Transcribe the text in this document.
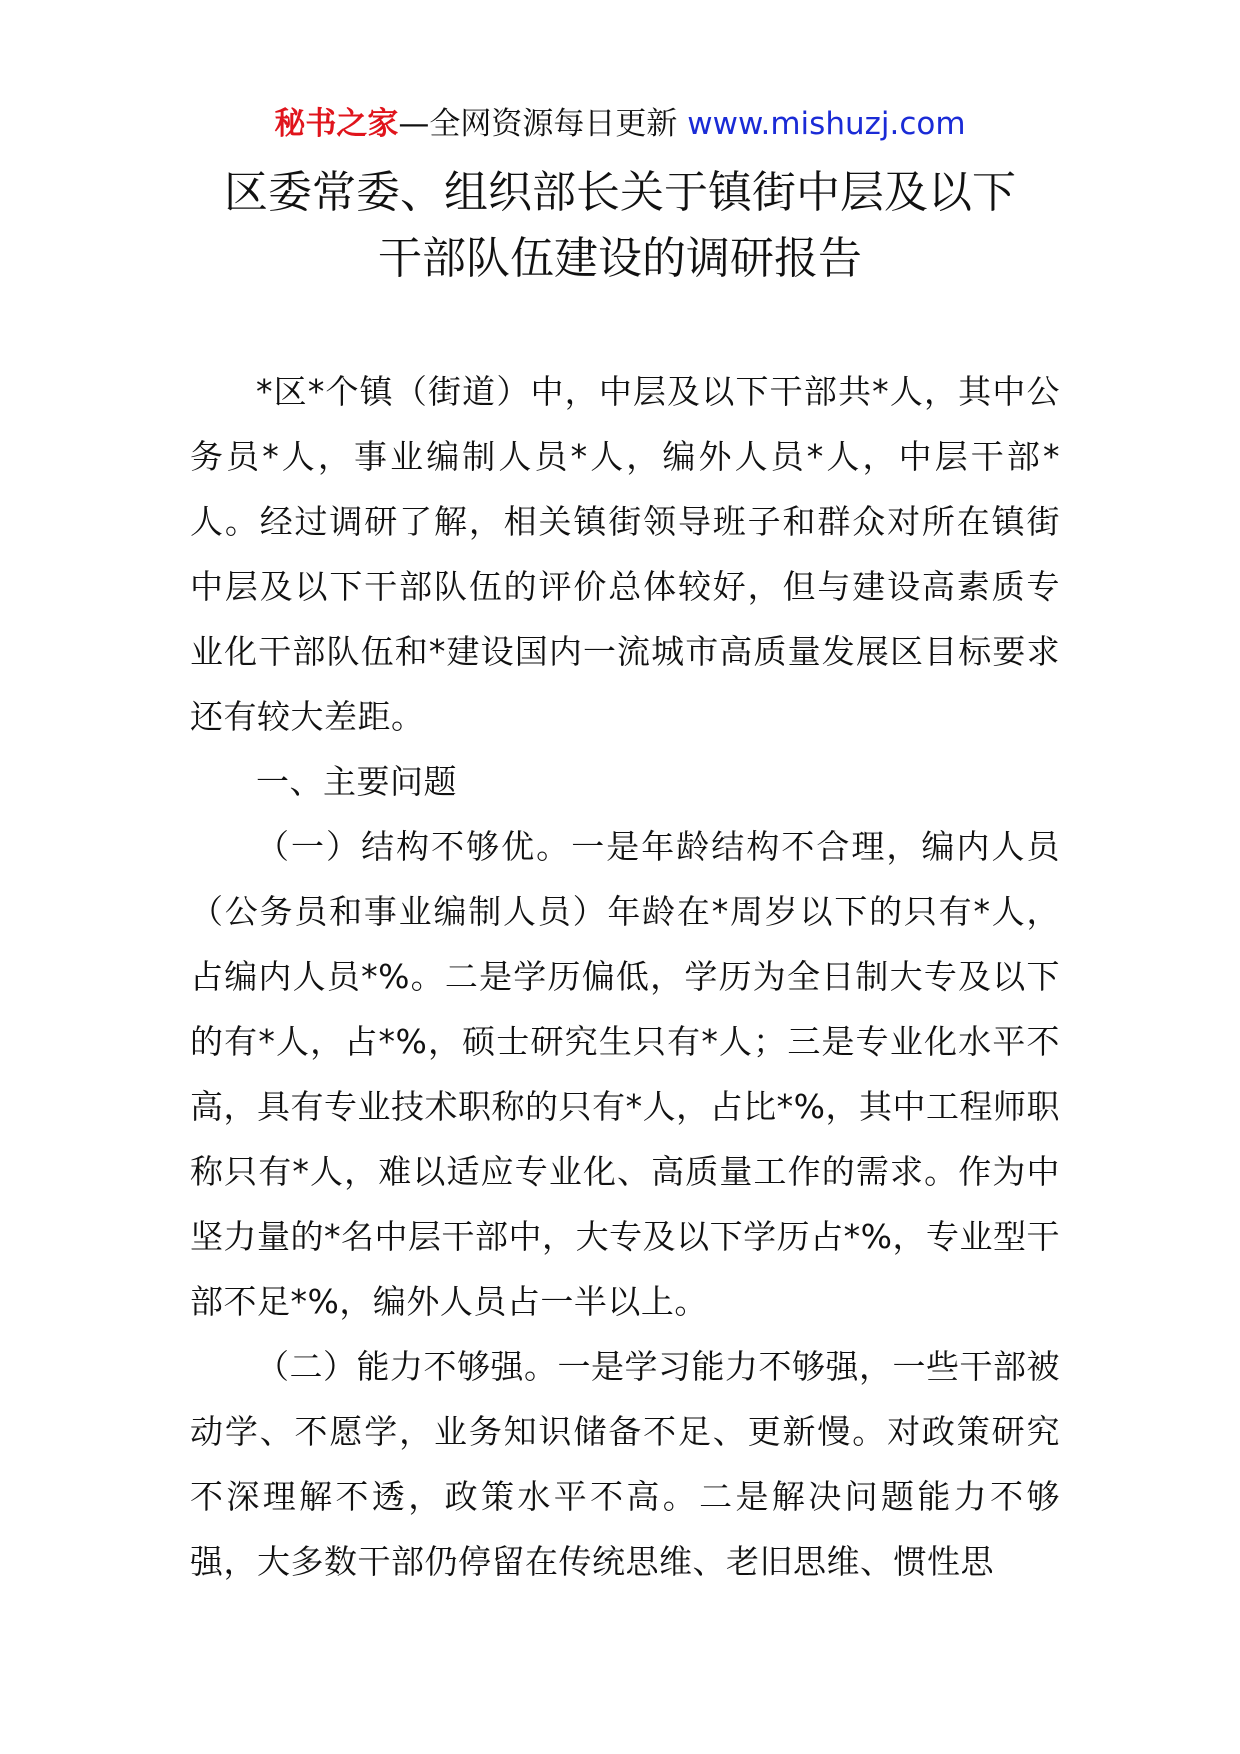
秘书之家—全网资源每日更新 www.mishuzj.com
区委常委、组织部长关于镇街中层及以下
干部队伍建设的调研报告

*区*个镇（街道）中，中层及以下干部共*人，其中公务员*人，事业编制人员*人，编外人员*人，中层干部*人。经过调研了解，相关镇街领导班子和群众对所在镇街中层及以下干部队伍的评价总体较好，但与建设高素质专业化干部队伍和*建设国内一流城市高质量发展区目标要求还有较大差距。

一、主要问题

（一）结构不够优。一是年龄结构不合理，编内人员（公务员和事业编制人员）年龄在*周岁以下的只有*人，占编内人员*%。二是学历偏低，学历为全日制大专及以下的有*人，占*%，硕士研究生只有*人；三是专业化水平不高，具有专业技术职称的只有*人，占比*%，其中工程师职称只有*人，难以适应专业化、高质量工作的需求。作为中坚力量的*名中层干部中，大专及以下学历占*%，专业型干部不足*%，编外人员占一半以上。

（二）能力不够强。一是学习能力不够强，一些干部被动学、不愿学，业务知识储备不足、更新慢。对政策研究不深理解不透，政策水平不高。二是解决问题能力不够强，大多数干部仍停留在传统思维、老旧思维、惯性思
